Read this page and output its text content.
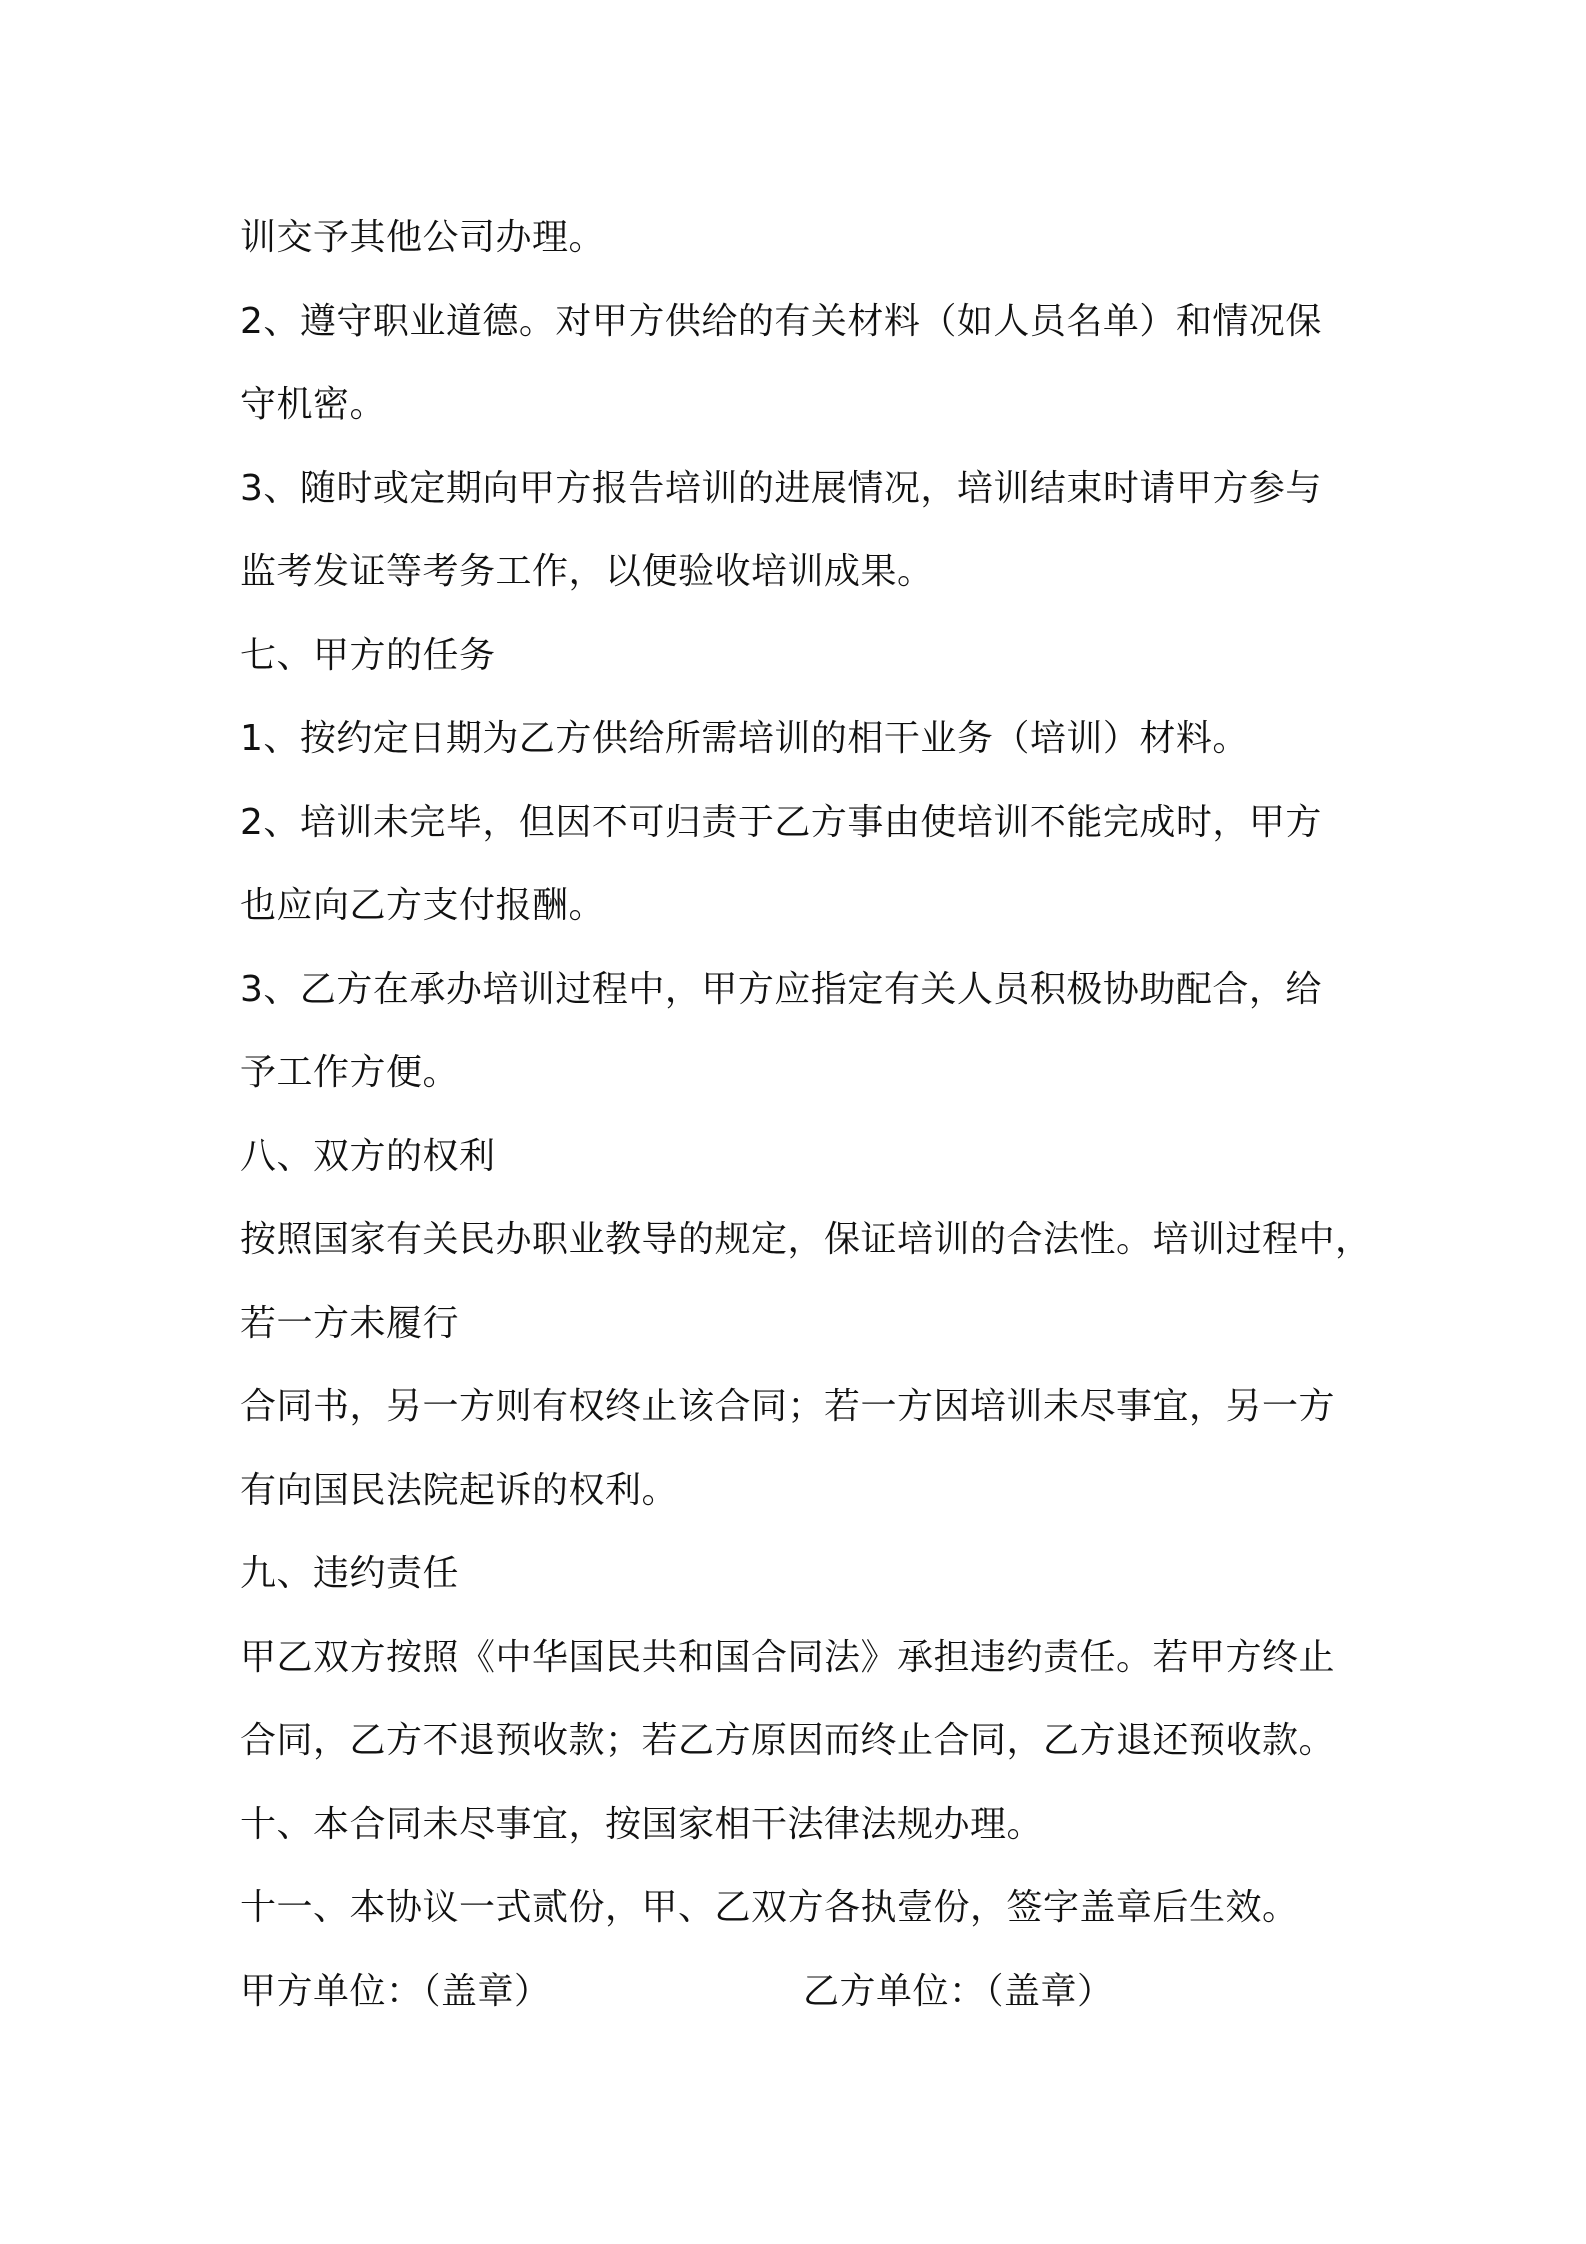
训交予其他公司办理。
2、遵守职业道德。对甲方供给的有关材料（如人员名单）和情况保
守机密。
3、随时或定期向甲方报告培训的进展情况，培训结束时请甲方参与
监考发证等考务工作，以便验收培训成果。
七、甲方的任务
1、按约定日期为乙方供给所需培训的相干业务（培训）材料。
2、培训未完毕，但因不可归责于乙方事由使培训不能完成时，甲方
也应向乙方支付报酬。
3、乙方在承办培训过程中，甲方应指定有关人员积极协助配合，给
予工作方便。
八、双方的权利
按照国家有关民办职业教导的规定，保证培训的合法性。培训过程中，
若一方未履行
合同书，另一方则有权终止该合同；若一方因培训未尽事宜，另一方
有向国民法院起诉的权利。
九、违约责任
甲乙双方按照《中华国民共和国合同法》承担违约责任。若甲方终止
合同，乙方不退预收款；若乙方原因而终止合同，乙方退还预收款。
十、本合同未尽事宜，按国家相干法律法规办理。
十一、本协议一式贰份，甲、乙双方各执壹份，签字盖章后生效。
甲方单位：（盖章）	乙方单位：（盖章）
